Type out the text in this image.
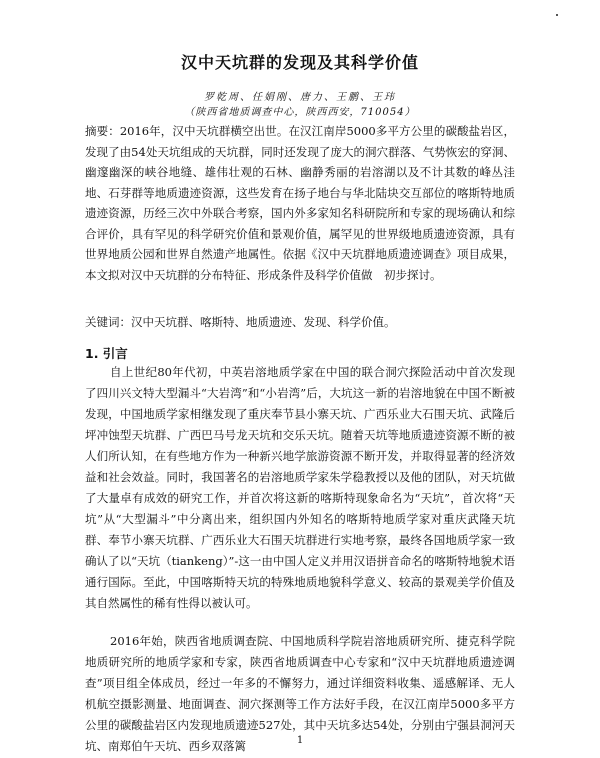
汉中天坑群的发现及其科学价值
罗乾周、任娟刚、唐力、王鹏、王玮
（陕西省地质调查中心，陕西西安，710054）
摘要：2016年，汉中天坑群横空出世。在汉江南岸5000多平方公里的碳酸盐岩区，发现了由54处天坑组成的天坑群，同时还发现了庞大的洞穴群落、气势恢宏的穿洞、幽邃幽深的峡谷地缝、雄伟壮观的石林、幽静秀丽的岩溶湖以及不计其数的峰丛洼地、石芽群等地质遗迹资源，这些发育在扬子地台与华北陆块交互部位的喀斯特地质遗迹资源，历经三次中外联合考察，国内外多家知名科研院所和专家的现场确认和综合评价，具有罕见的科学研究价值和景观价值，属罕见的世界级地质遗迹资源，具有世界地质公园和世界自然遗产地属性。依据《汉中天坑群地质遗迹调查》项目成果，本文拟对汉中天坑群的分布特征、形成条件及科学价值做　初步探讨。
关键词：汉中天坑群、喀斯特、地质遗迹、发现、科学价值。
1. 引言
自上世纪80年代初，中英岩溶地质学家在中国的联合洞穴探险活动中首次发现了四川兴文特大型漏斗“大岩湾”和“小岩湾”后，大坑这一新的岩溶地貌在中国不断被发现，中国地质学家相继发现了重庆奉节县小寨天坑、广西乐业大石围天坑、武隆后坪冲蚀型天坑群、广西巴马号龙天坑和交乐天坑。随着天坑等地质遗迹资源不断的被人们所认知，在有些地方作为一种新兴地学旅游资源不断开发，并取得显著的经济效益和社会效益。同时，我国著名的岩溶地质学家朱学稳教授以及他的团队，对天坑做了大量卓有成效的研究工作，并首次将这新的喀斯特现象命名为“天坑”，首次将“天坑”从“大型漏斗”中分离出来，组织国内外知名的喀斯特地质学家对重庆武隆天坑群、奉节小寨天坑群、广西乐业大石围天坑群进行实地考察，最终各国地质学家一致确认了以“天坑（tiankeng）”-这一由中国人定义并用汉语拼音命名的喀斯特地貌术语通行国际。至此，中国喀斯特天坑的特殊地质地貌科学意义、较高的景观美学价值及其自然属性的稀有性得以被认可。
2016年始，陕西省地质调查院、中国地质科学院岩溶地质研究所、捷克科学院地质研究所的地质学家和专家，陕西省地质调查中心专家和“汉中天坑群地质遗迹调查”项目组全体成员，经过一年多的不懈努力，通过详细资料收集、遥感解译、无人机航空摄影测量、地面调查、洞穴探测等工作方法好手段，在汉江南岸5000多平方公里的碳酸盐岩区内发现地质遗迹527处，其中天坑多达54处，分别由宁强县洞河天坑、南郑伯午天坑、西乡双落篱	1
